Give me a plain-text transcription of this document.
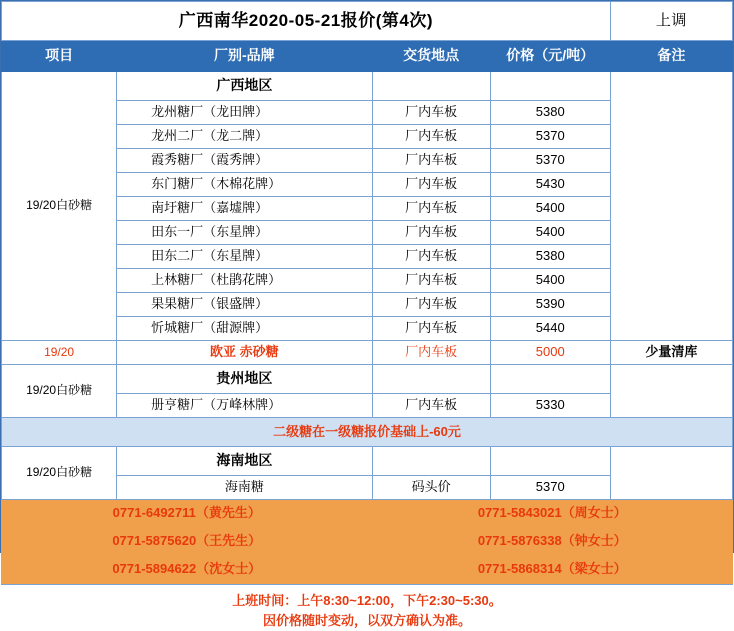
广西南华2020-05-21报价(第4次)				上调
项目	厂别-品牌	交货地点	价格（元/吨）	备注
19/20白砂糖	广西地区			
	龙州糖厂（龙田牌）	厂内车板	5380	
	龙州二厂（龙二牌）	厂内车板	5370	
	霞秀糖厂（霞秀牌）	厂内车板	5370	
	东门糖厂（木棉花牌）	厂内车板	5430	
	南圩糖厂（嘉墟牌）	厂内车板	5400	
	田东一厂（东星牌）	厂内车板	5400	
	田东二厂（东星牌）	厂内车板	5380	
	上林糖厂（杜鹃花牌）	厂内车板	5400	
	果果糖厂（银盛牌）	厂内车板	5390	
	忻城糖厂（甜源牌）	厂内车板	5440	
19/20	欧亚 赤砂糖	厂内车板	5000	少量清库
19/20白砂糖	贵州地区			
	册亨糖厂（万峰林牌）	厂内车板	5330	
二级糖在一级糖报价基础上-60元				
19/20白砂糖	海南地区			
	海南糖	码头价	5370	
0771-6492711（黄先生）		0771-5843021（周女士）		
0771-5875620（王先生）		0771-5876338（钟女士）		
0771-5894622（沈女士）		0771-5868314（梁女士）		
上班时间：上午8:30~12:00，下午2:30~5:30。
因价格随时变动，以双方确认为准。
